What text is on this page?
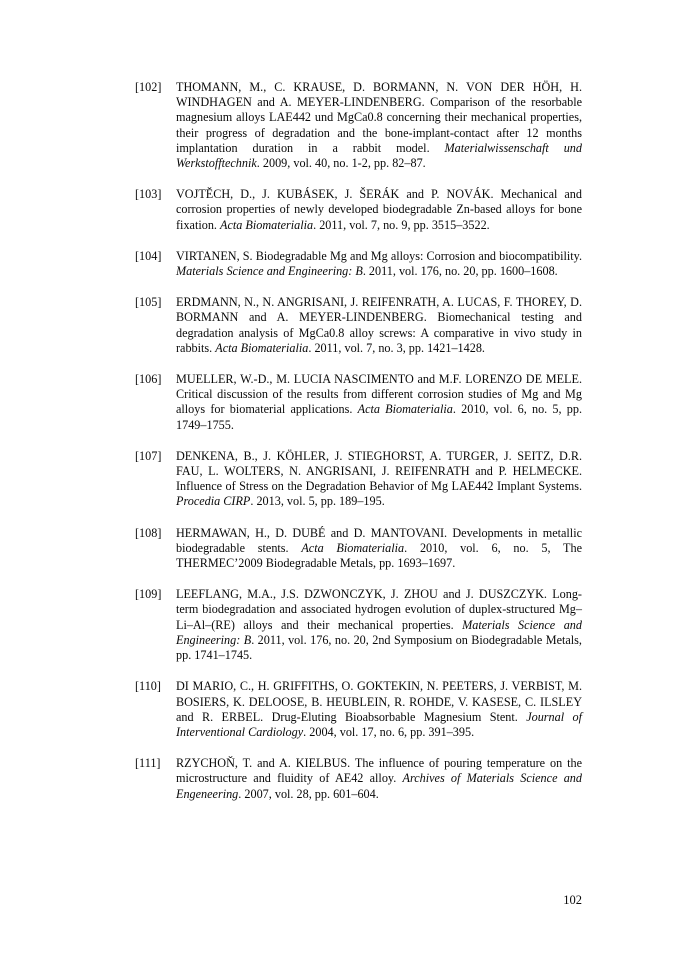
[102] THOMANN, M., C. KRAUSE, D. BORMANN, N. VON DER HÖH, H. WINDHAGEN and A. MEYER-LINDENBERG. Comparison of the resorbable magnesium alloys LAE442 und MgCa0.8 concerning their mechanical properties, their progress of degradation and the bone-implant-contact after 12 months implantation duration in a rabbit model. Materialwissenschaft und Werkstofftechnik. 2009, vol. 40, no. 1-2, pp. 82–87.
[103] VOJTĚCH, D., J. KUBÁSEK, J. ŠERÁK and P. NOVÁK. Mechanical and corrosion properties of newly developed biodegradable Zn-based alloys for bone fixation. Acta Biomaterialia. 2011, vol. 7, no. 9, pp. 3515–3522.
[104] VIRTANEN, S. Biodegradable Mg and Mg alloys: Corrosion and biocompatibility. Materials Science and Engineering: B. 2011, vol. 176, no. 20, pp. 1600–1608.
[105] ERDMANN, N., N. ANGRISANI, J. REIFENRATH, A. LUCAS, F. THOREY, D. BORMANN and A. MEYER-LINDENBERG. Biomechanical testing and degradation analysis of MgCa0.8 alloy screws: A comparative in vivo study in rabbits. Acta Biomaterialia. 2011, vol. 7, no. 3, pp. 1421–1428.
[106] MUELLER, W.-D., M. LUCIA NASCIMENTO and M.F. LORENZO DE MELE. Critical discussion of the results from different corrosion studies of Mg and Mg alloys for biomaterial applications. Acta Biomaterialia. 2010, vol. 6, no. 5, pp. 1749–1755.
[107] DENKENA, B., J. KÖHLER, J. STIEGHORST, A. TURGER, J. SEITZ, D.R. FAU, L. WOLTERS, N. ANGRISANI, J. REIFENRATH and P. HELMECKE. Influence of Stress on the Degradation Behavior of Mg LAE442 Implant Systems. Procedia CIRP. 2013, vol. 5, pp. 189–195.
[108] HERMAWAN, H., D. DUBÉ and D. MANTOVANI. Developments in metallic biodegradable stents. Acta Biomaterialia. 2010, vol. 6, no. 5, The THERMEC’2009 Biodegradable Metals, pp. 1693–1697.
[109] LEEFLANG, M.A., J.S. DZWONCZYK, J. ZHOU and J. DUSZCZYK. Long-term biodegradation and associated hydrogen evolution of duplex-structured Mg–Li–Al–(RE) alloys and their mechanical properties. Materials Science and Engineering: B. 2011, vol. 176, no. 20, 2nd Symposium on Biodegradable Metals, pp. 1741–1745.
[110] DI MARIO, C., H. GRIFFITHS, O. GOKTEKIN, N. PEETERS, J. VERBIST, M. BOSIERS, K. DELOOSE, B. HEUBLEIN, R. ROHDE, V. KASESE, C. ILSLEY and R. ERBEL. Drug-Eluting Bioabsorbable Magnesium Stent. Journal of Interventional Cardiology. 2004, vol. 17, no. 6, pp. 391–395.
[111] RZYCHOŇ, T. and A. KIELBUS. The influence of pouring temperature on the microstructure and fluidity of AE42 alloy. Archives of Materials Science and Engeneering. 2007, vol. 28, pp. 601–604.
102
